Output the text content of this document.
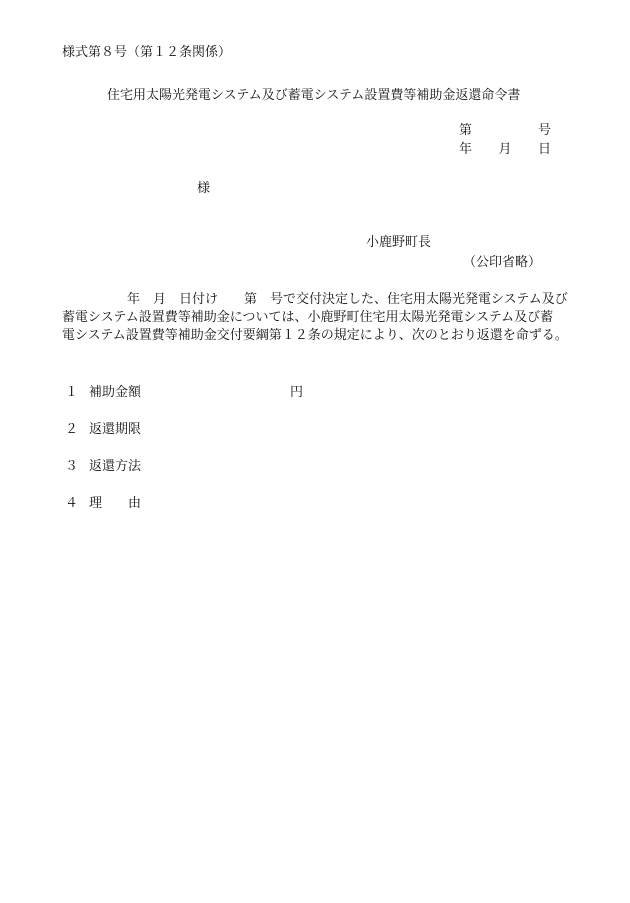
様式第８号（第１２条関係）
住宅用太陽光発電システム及び蓄電システム設置費等補助金返還命令書
第	号
年 月 日
様
小鹿野町長
（公印省略）
　　　　　年　月　日付け　　第　号で交付決定した、住宅用太陽光発電システム及び
蓄電システム設置費等補助金については、小鹿野町住宅用太陽光発電システム及び蓄
電システム設置費等補助金交付要綱第１２条の規定により、次のとおり返還を命ずる。
１ 補助金額	円
２ 返還期限
３ 返還方法
４ 理　　由
